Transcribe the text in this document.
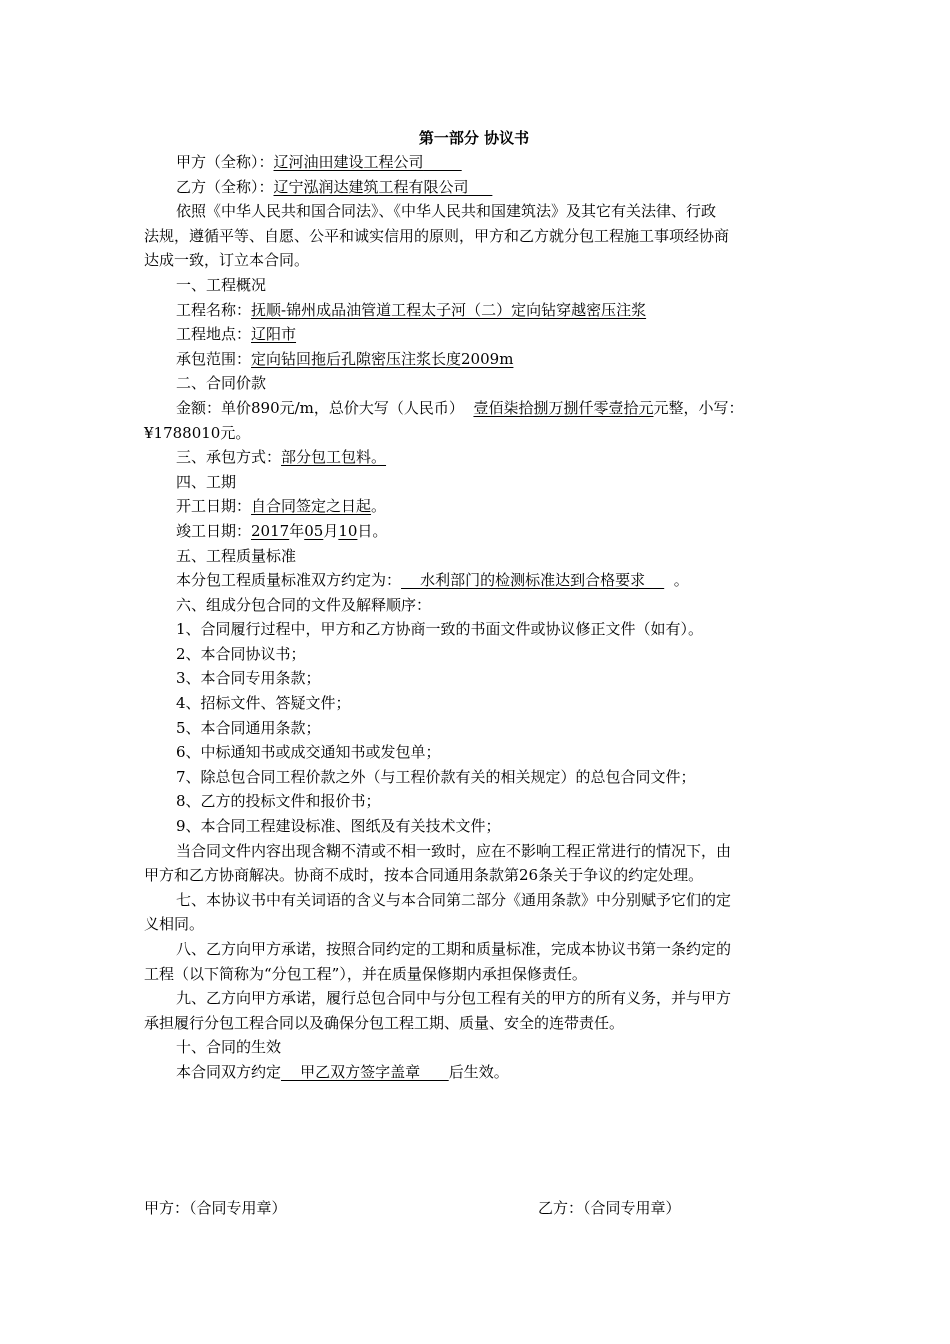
第一部分 协议书
甲方（全称）：辽河油田建设工程公司
乙方（全称）：辽宁泓润达建筑工程有限公司
依照《中华人民共和国合同法》、《中华人民共和国建筑法》及其它有关法律、行政
法规，遵循平等、自愿、公平和诚实信用的原则，甲方和乙方就分包工程施工事项经协商
达成一致，订立本合同。
一、工程概况
工程名称：抚顺-锦州成品油管道工程太子河（二）定向钻穿越密压注浆
工程地点：辽阳市
承包范围：定向钻回拖后孔隙密压注浆长度2009m
二、合同价款
金额：单价890元/m，总价大写（人民币）  壹佰柒拾捌万捌仟零壹拾元元整，小写：
¥1788010元。
三、承包方式：部分包工包料。
四、工期
开工日期：自合同签定之日起。
竣工日期：2017年05月10日。
五、工程质量标准
本分包工程质量标准双方约定为：    水利部门的检测标准达到合格要求      。
六、组成分包合同的文件及解释顺序：
1、合同履行过程中，甲方和乙方协商一致的书面文件或协议修正文件（如有）。
2、本合同协议书；
3、本合同专用条款；
4、招标文件、答疑文件；
5、本合同通用条款；
6、中标通知书或成交通知书或发包单；
7、除总包合同工程价款之外（与工程价款有关的相关规定）的总包合同文件；
8、乙方的投标文件和报价书；
9、本合同工程建设标准、图纸及有关技术文件；
当合同文件内容出现含糊不清或不相一致时，应在不影响工程正常进行的情况下，由
甲方和乙方协商解决。协商不成时，按本合同通用条款第26条关于争议的约定处理。
七、本协议书中有关词语的含义与本合同第二部分《通用条款》中分别赋予它们的定
义相同。
八、乙方向甲方承诺，按照合同约定的工期和质量标准，完成本协议书第一条约定的
工程（以下简称为“分包工程”），并在质量保修期内承担保修责任。
九、乙方向甲方承诺，履行总包合同中与分包工程有关的甲方的所有义务，并与甲方
承担履行分包工程合同以及确保分包工程工期、质量、安全的连带责任。
十、合同的生效
本合同双方约定    甲乙双方签字盖章      后生效。
甲方：（合同专用章）	乙方：（合同专用章）
